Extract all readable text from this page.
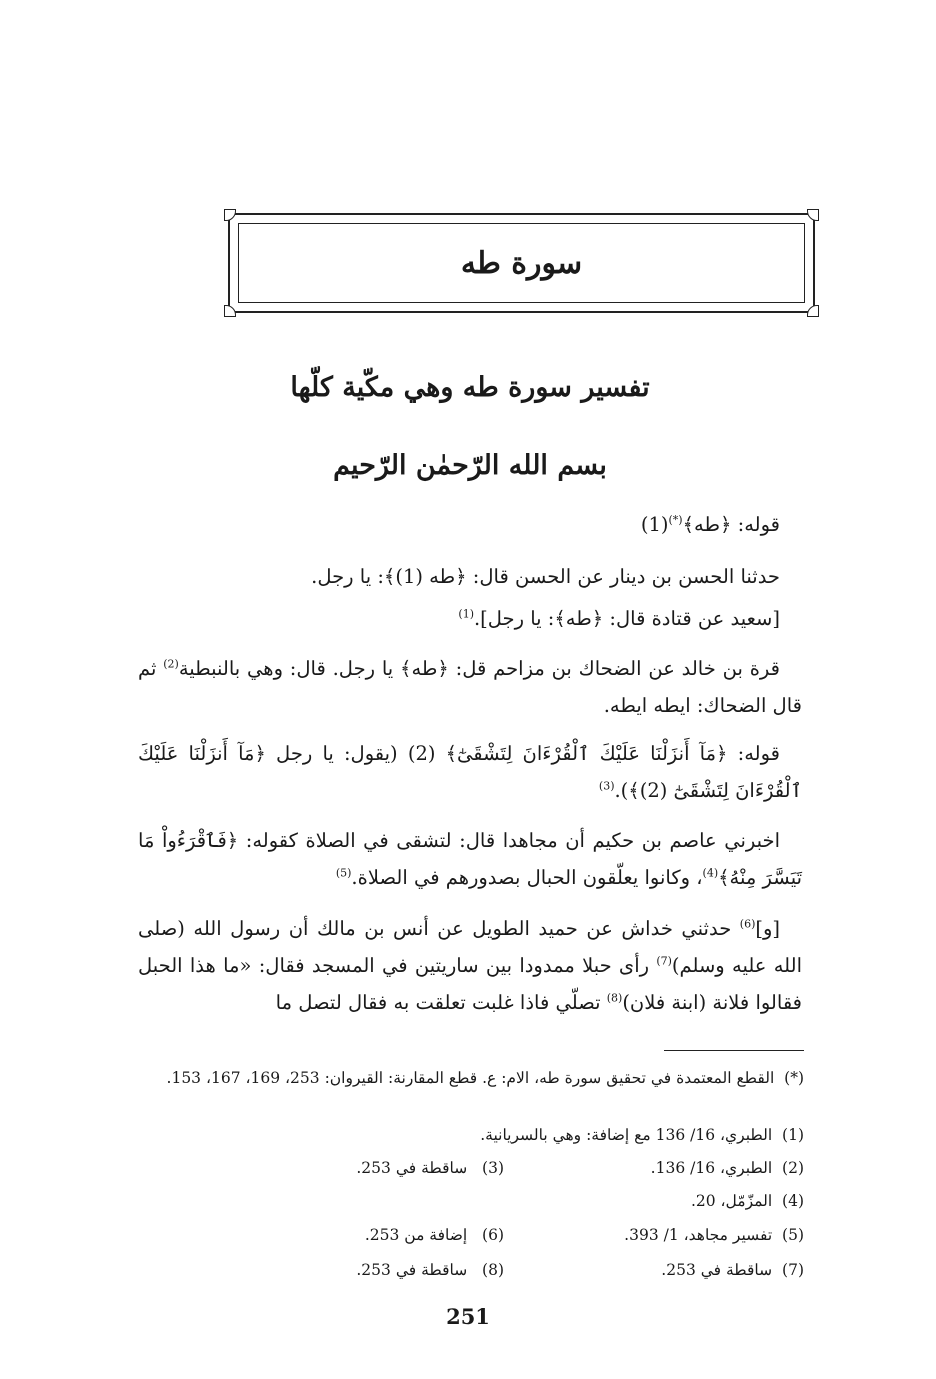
سورة طه
تفسير سورة طه وهي مكّية كلّها
بسم الله الرّحمٰن الرّحيم
قوله: ﴿طه﴾(*)(1)
حدثنا الحسن بن دينار عن الحسن قال: ﴿طه (1)﴾: يا رجل.
[سعيد عن قتادة قال: ﴿طه﴾: يا رجل].$^{(1)}$
قرة بن خالد عن الضحاك بن مزاحم قل: ﴿طه﴾ يا رجل. قال: وهي بالنبطية$^{(2)}$ ثم قال الضحاك: ايطه ايطه.
قوله: ﴿مَآ أَنزَلْنَا عَلَيْكَ ٱلْقُرْءَانَ لِتَشْقَىٰٓ﴾ (2) (يقول: يا رجل ﴿مَآ أَنزَلْنَا عَلَيْكَ ٱلْقُرْءَانَ لِتَشْقَىٰٓ (2)﴾).$^{(3)}$
اخبرني عاصم بن حكيم أن مجاهدا قال: لتشقى في الصلاة كقوله: ﴿فَٱقْرَءُواْ مَا تَيَسَّرَ مِنْهُ﴾$^{(4)}$، وكانوا يعلّقون الحبال بصدورهم في الصلاة.$^{(5)}$
[و]$^{(6)}$ حدثني خداش عن حميد الطويل عن أنس بن مالك أن رسول الله (صلى الله عليه وسلم)$^{(7)}$ رأى حبلا ممدودا بين ساريتين في المسجد فقال: «ما هذا الحبل فقالوا فلانة (ابنة فلان)$^{(8)}$ تصلّي فاذا غلبت تعلقت به فقال لتصل ما
(*)  القطع المعتمدة في تحقيق سورة طه، الام: ع. قطع المقارنة: القيروان: 253، 169، 167، 153.
(1)  الطبري، 16/ 136 مع إضافة: وهي بالسريانية.
(2)  الطبري، 16/ 136.
(3)   ساقطة في 253.
(4)  المزّمّل، 20.
(5)  تفسير مجاهد، 1/ 393.
(6)   إضافة من 253.
(7)  ساقطة في 253.
(8)   ساقطة في 253.
251
